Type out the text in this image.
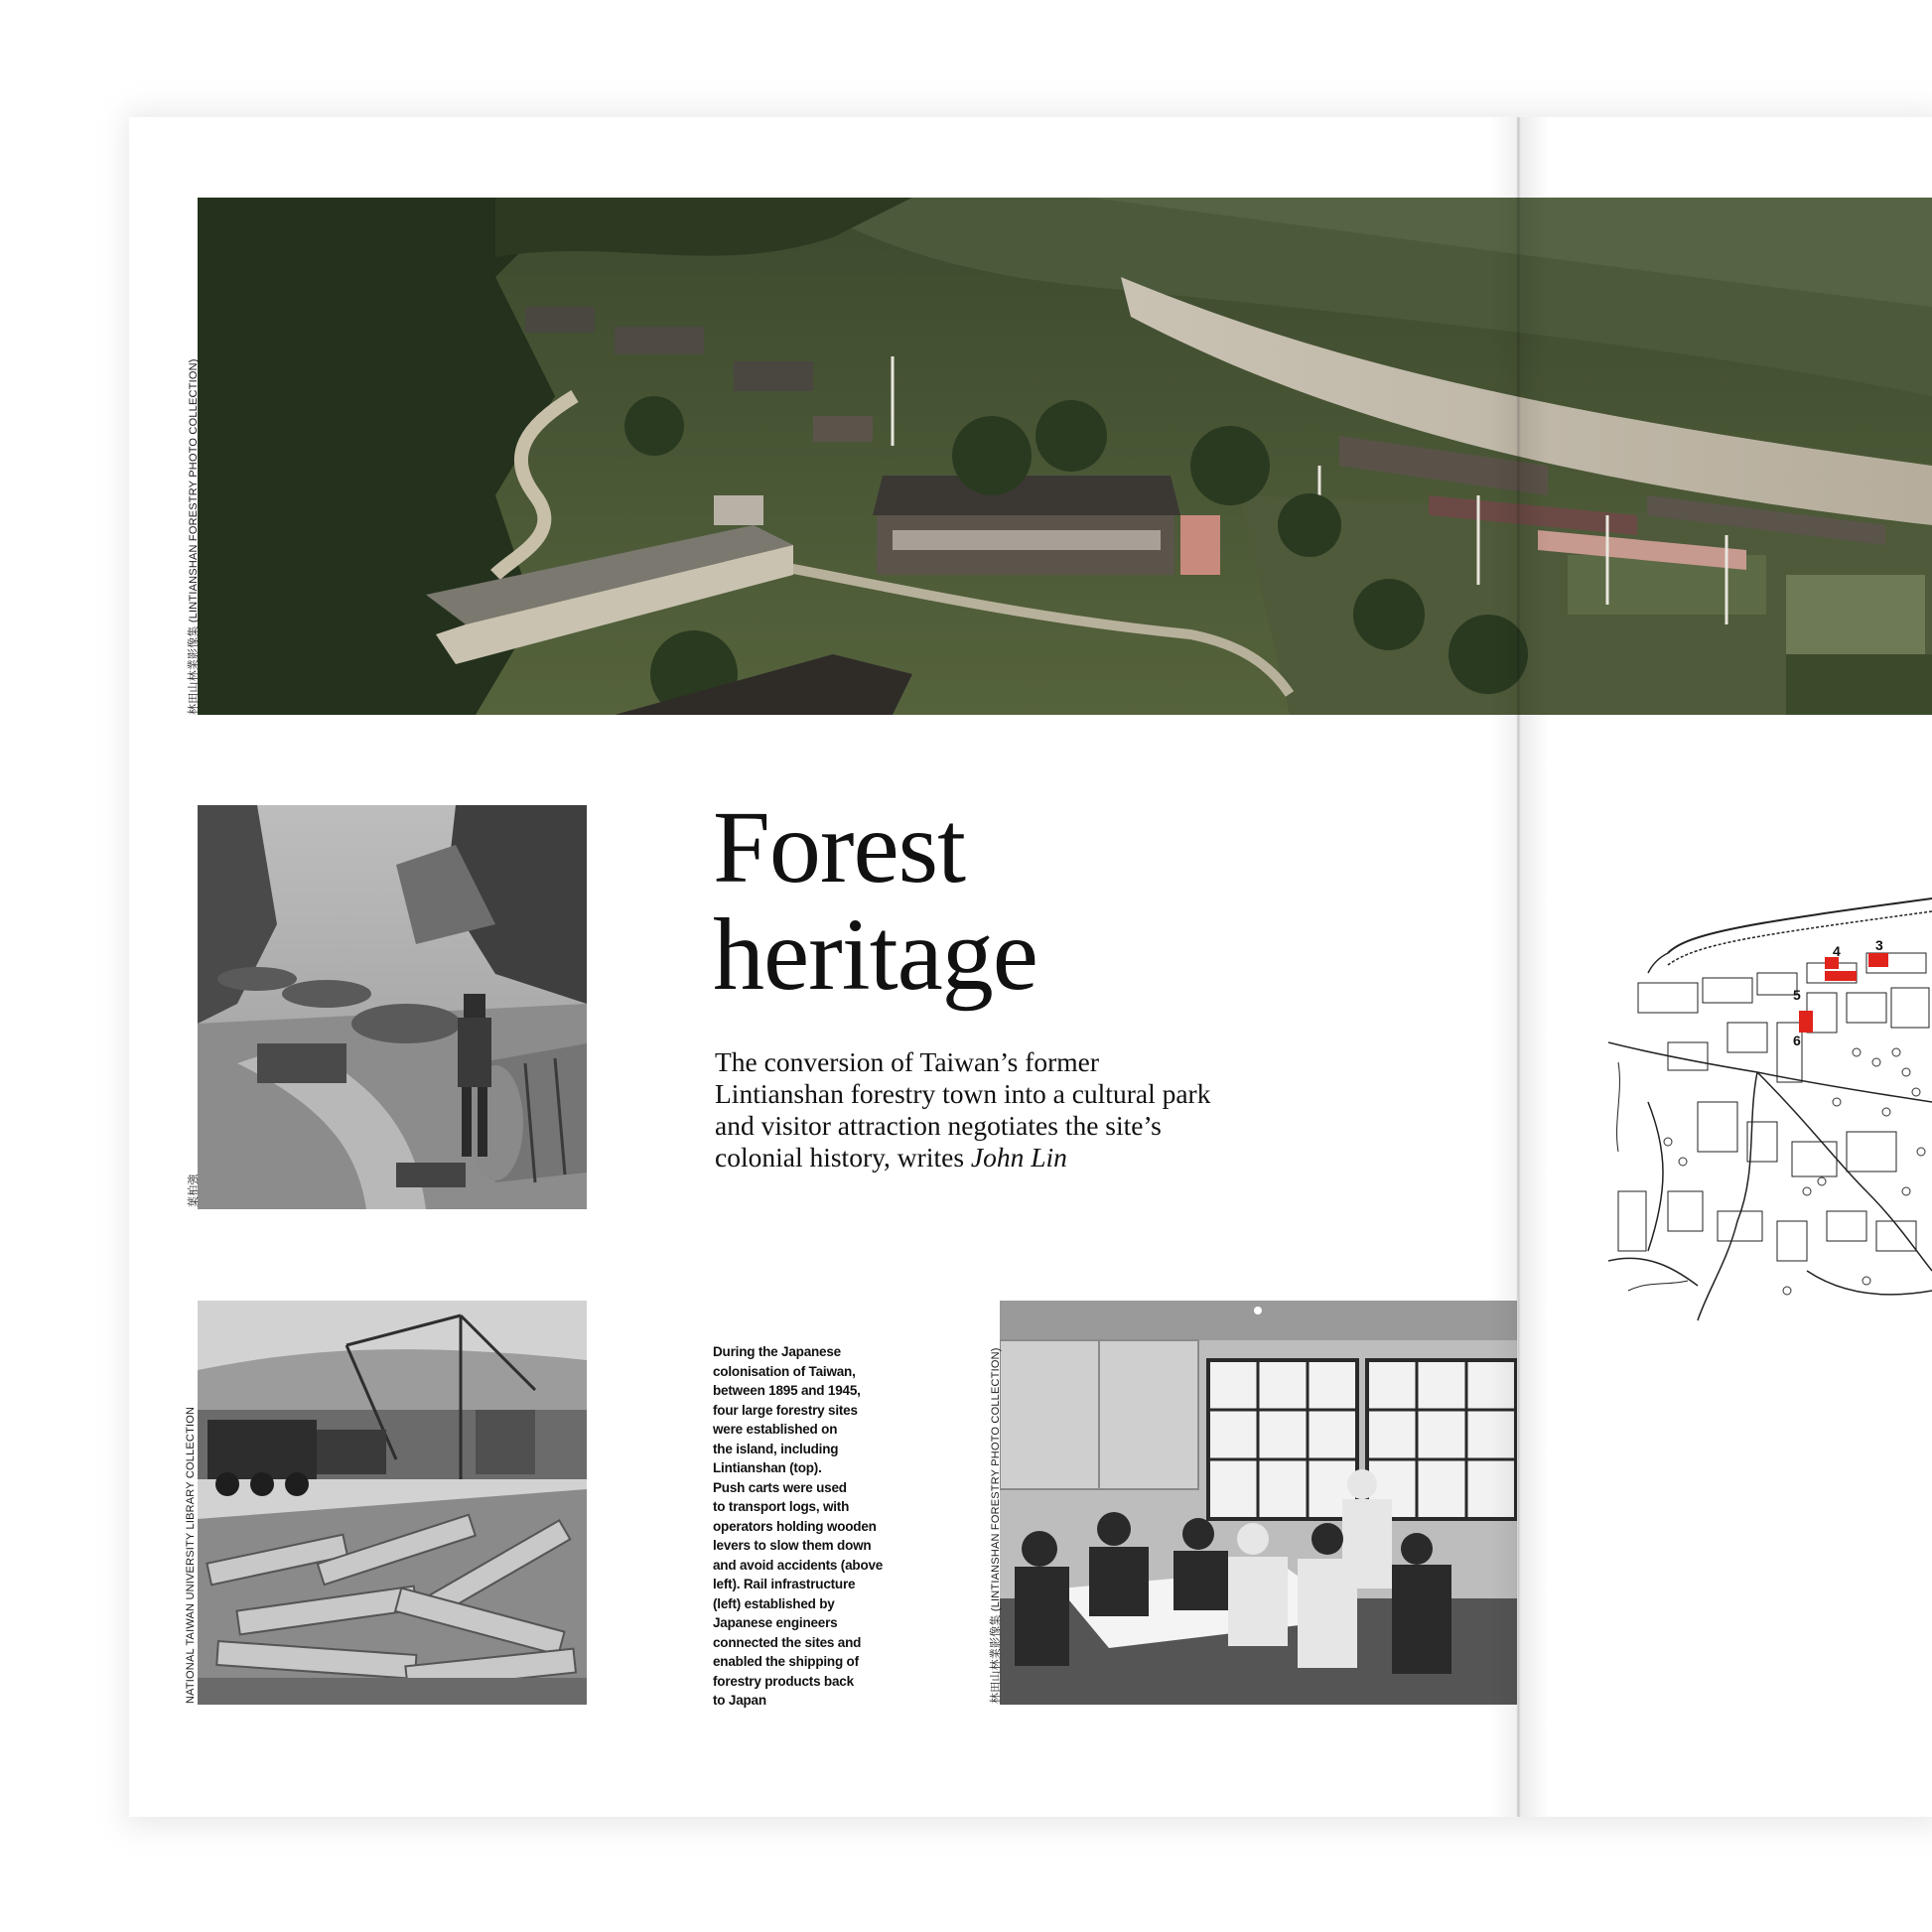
林田山林業影像集 (LINTIANSHAN FORESTRY PHOTO COLLECTION)
葉柏強
Forest
heritage

The conversion of Taiwan’s former Lintianshan forestry town into a cultural park and visitor attraction negotiates the site’s colonial history, writes John Lin

NATIONAL TAIWAN UNIVERSITY LIBRARY COLLECTION

During the Japanese
colonisation of Taiwan,
between 1895 and 1945,
four large forestry sites
were established on
the island, including
Lintianshan (top).
Push carts were used
to transport logs, with
operators holding wooden
levers to slow them down
and avoid accidents (above
left). Rail infrastructure
(left) established by
Japanese engineers
connected the sites and
enabled the shipping of
forestry products back
to Japan	林田山林業影像集 (LINTIANSHAN FORESTRY PHOTO COLLECTION)
4	3
5
6
